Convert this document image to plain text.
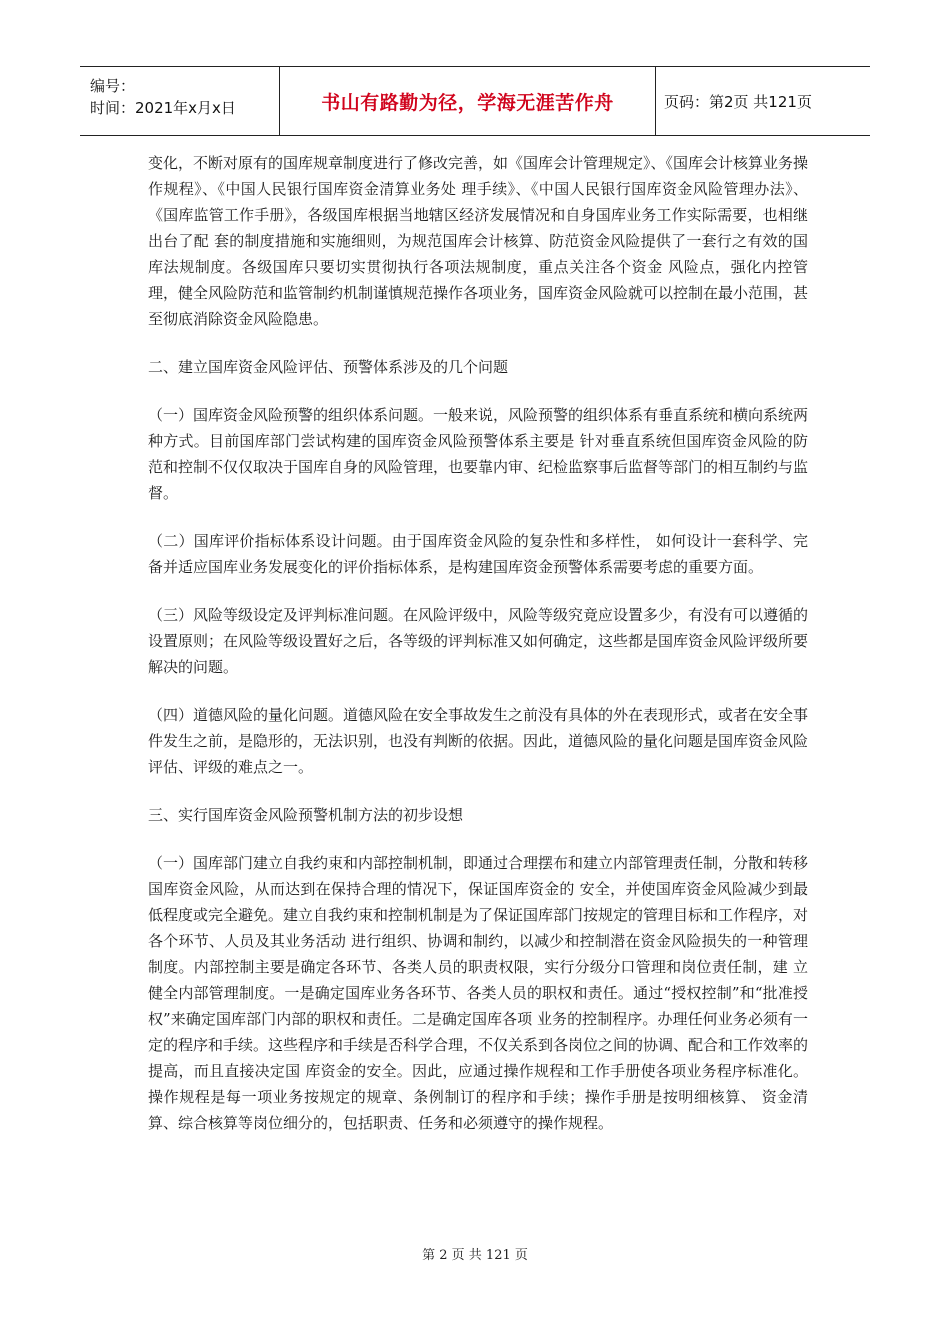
编号：
时间：2021年x月x日	书山有路勤为径，学海无涯苦作舟	页码：第2页 共121页

变化，不断对原有的国库规章制度进行了修改完善，如《国库会计管理规定》、《国库会计核算业务操作规程》、《中国人民银行国库资金清算业务处 理手续》、《中国人民银行国库资金风险管理办法》、《国库监管工作手册》，各级国库根据当地辖区经济发展情况和自身国库业务工作实际需要，也相继出台了配 套的制度措施和实施细则，为规范国库会计核算、防范资金风险提供了一套行之有效的国库法规制度。各级国库只要切实贯彻执行各项法规制度，重点关注各个资金 风险点，强化内控管理，健全风险防范和监管制约机制谨慎规范操作各项业务，国库资金风险就可以控制在最小范围，甚至彻底消除资金风险隐患。

二、建立国库资金风险评估、预警体系涉及的几个问题

（一）国库资金风险预警的组织体系问题。一般来说，风险预警的组织体系有垂直系统和横向系统两种方式。目前国库部门尝试构建的国库资金风险预警体系主要是 针对垂直系统但国库资金风险的防范和控制不仅仅取决于国库自身的风险管理，也要靠内审、纪检监察事后监督等部门的相互制约与监督。

（二）国库评价指标体系设计问题。由于国库资金风险的复杂性和多样性， 如何设计一套科学、完备并适应国库业务发展变化的评价指标体系，是构建国库资金预警体系需要考虑的重要方面。

（三）风险等级设定及评判标准问题。在风险评级中，风险等级究竟应设置多少，有没有可以遵循的设置原则；在风险等级设置好之后，各等级的评判标准又如何确定，这些都是国库资金风险评级所要解决的问题。

（四）道德风险的量化问题。道德风险在安全事故发生之前没有具体的外在表现形式，或者在安全事件发生之前，是隐形的，无法识别，也没有判断的依据。因此，道德风险的量化问题是国库资金风险评估、评级的难点之一。

三、实行国库资金风险预警机制方法的初步设想

（一）国库部门建立自我约束和内部控制机制，即通过合理摆布和建立内部管理责任制，分散和转移国库资金风险，从而达到在保持合理的情况下，保证国库资金的 安全，并使国库资金风险减少到最低程度或完全避免。建立自我约束和控制机制是为了保证国库部门按规定的管理目标和工作程序，对各个环节、人员及其业务活动 进行组织、协调和制约，以减少和控制潜在资金风险损失的一种管理制度。内部控制主要是确定各环节、各类人员的职责权限，实行分级分口管理和岗位责任制，建 立健全内部管理制度。一是确定国库业务各环节、各类人员的职权和责任。通过“授权控制”和“批准授权”来确定国库部门内部的职权和责任。二是确定国库各项 业务的控制程序。办理任何业务必须有一定的程序和手续。这些程序和手续是否科学合理，不仅关系到各岗位之间的协调、配合和工作效率的提高，而且直接决定国 库资金的安全。因此，应通过操作规程和工作手册使各项业务程序标准化。操作规程是每一项业务按规定的规章、条例制订的程序和手续；操作手册是按明细核算、 资金清算、综合核算等岗位细分的，包括职责、任务和必须遵守的操作规程。

第 2 页 共 121 页
